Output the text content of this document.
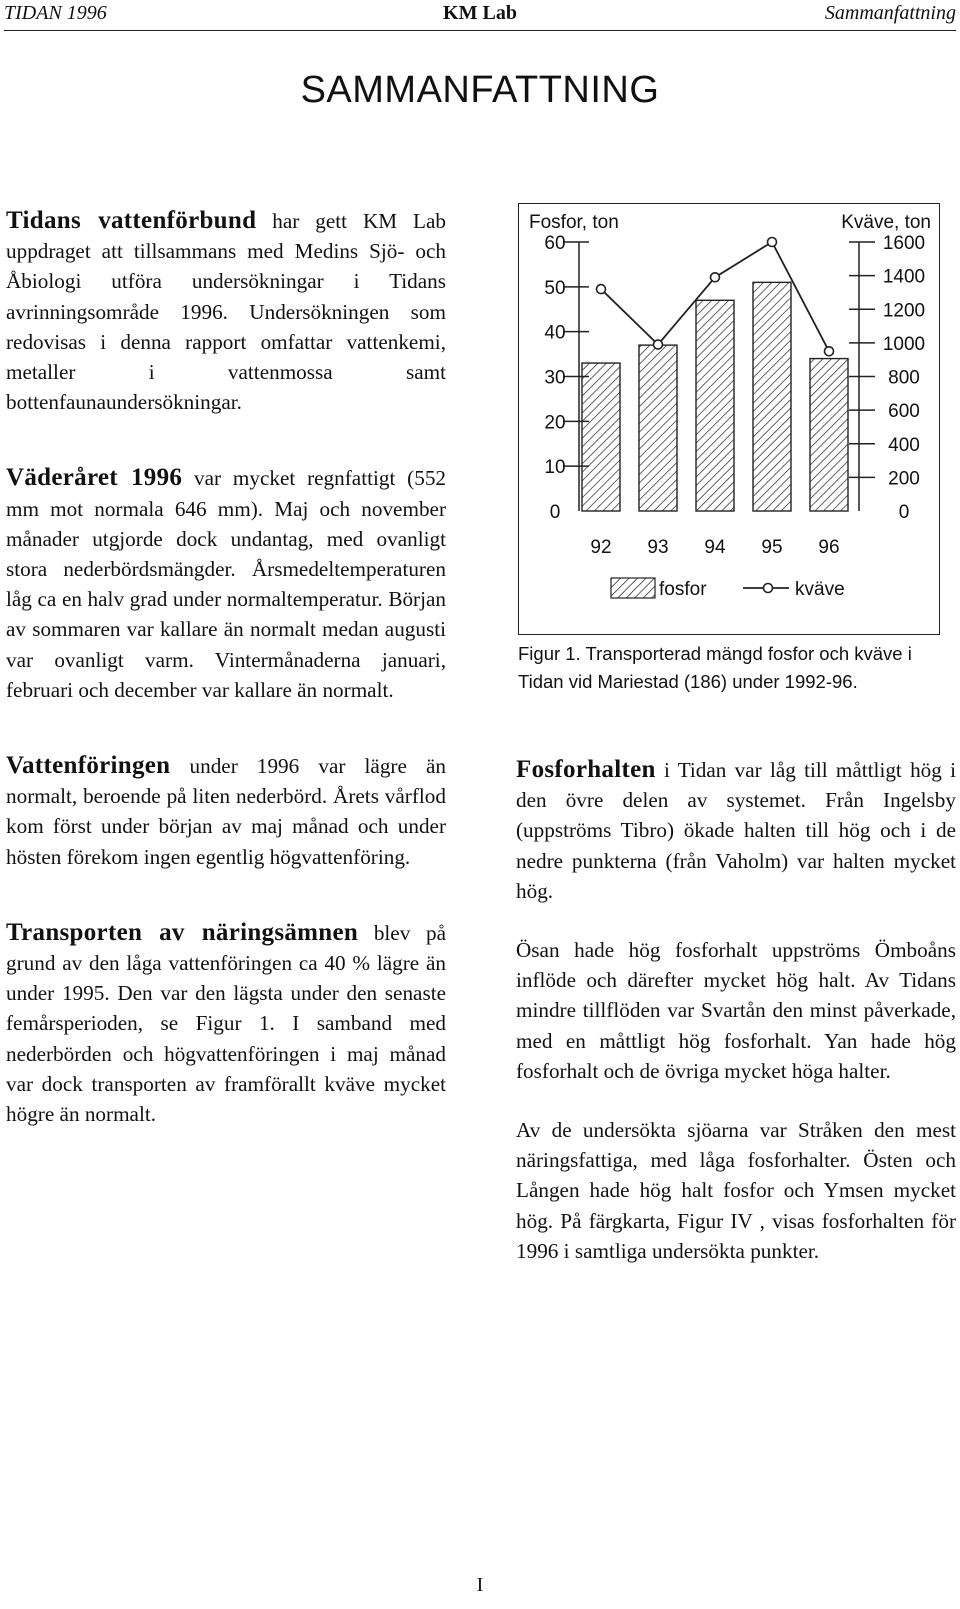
TIDAN 1996	KM Lab	Sammanfattning
SAMMANFATTNING

Tidans vattenförbund har gett KM Lab uppdraget att tillsammans med Medins Sjö- och Åbiologi utföra undersökningar i Tidans avrinningsområde 1996. Undersökningen som redovisas i denna rapport omfattar vattenkemi, metaller i vattenmossa samt bottenfaunaundersökningar.

Väderåret 1996 var mycket regnfattigt (552 mm mot normala 646 mm). Maj och november månader utgjorde dock undantag, med ovanligt stora nederbördsmängder. Årsmedeltemperaturen låg ca en halv grad under normaltemperatur. Början av sommaren var kallare än normalt medan augusti var ovanligt varm. Vintermånaderna januari, februari och december var kallare än normalt.

Vattenföringen under 1996 var lägre än normalt, beroende på liten nederbörd. Årets vårflod kom först under början av maj månad och under hösten förekom ingen egentlig högvattenföring.

Transporten av näringsämnen blev på grund av den låga vattenföringen ca 40 % lägre än under 1995. Den var den lägsta under den senaste femårsperioden, se Figur 1. I samband med nederbörden och högvattenföringen i maj månad var dock transporten av framförallt kväve mycket högre än normalt.

Fosfor, ton	Kväve, ton
0
10
20
30
40
50
60
0
200
400
600
800
1000
1200
1400
1600
92 93 94 95 96
fosfor	kväve
Figur 1. Transporterad mängd fosfor och kväve i Tidan vid Mariestad (186) under 1992-96.

Fosforhalten i Tidan var låg till måttligt hög i den övre delen av systemet. Från Ingelsby (uppströms Tibro) ökade halten till hög och i de nedre punkterna (från Vaholm) var halten mycket hög.

Ösan hade hög fosforhalt uppströms Ömboåns inflöde och därefter mycket hög halt. Av Tidans mindre tillflöden var Svartån den minst påverkade, med en måttligt hög fosforhalt. Yan hade hög fosforhalt och de övriga mycket höga halter.

Av de undersökta sjöarna var Stråken den mest näringsfattiga, med låga fosforhalter. Östen och Lången hade hög halt fosfor och Ymsen mycket hög. På färgkarta, Figur IV , visas fosforhalten för 1996 i samtliga undersökta punkter.

I
